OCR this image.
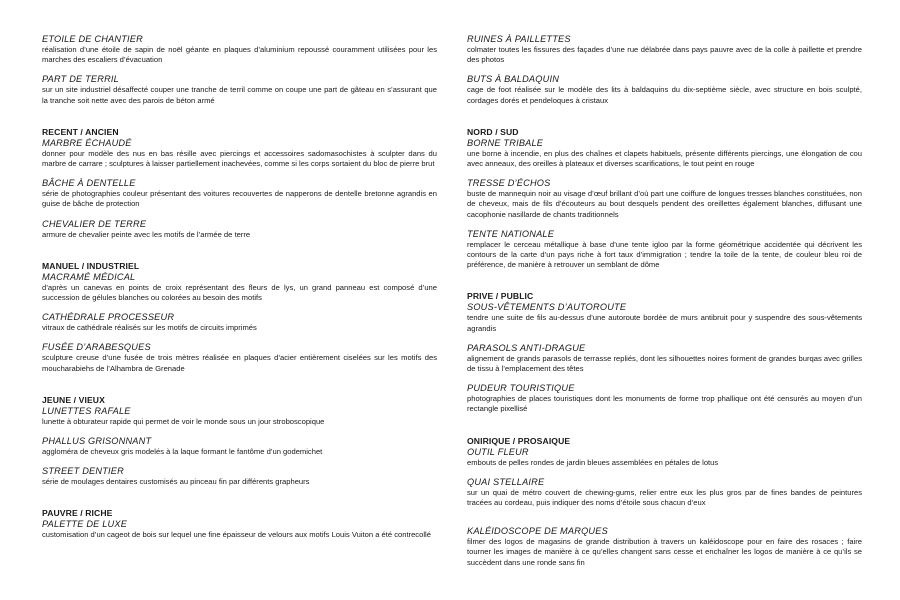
ETOILE DE CHANTIER

réalisation d’une étoile de sapin de noël géante en plaques d’aluminium repoussé couramment utilisées pour les marches des escaliers d’évacuation

PART DE TERRIL

sur un site industriel désaffecté couper une tranche de terril comme on coupe une part de gâteau en s’assurant que la tranche soit nette avec des parois de béton armé

RECENT / ANCIEN

MARBRE ÉCHAUDÉ

donner pour modèle des nus en bas résille avec piercings et accessoires sadomasochistes à sculpter dans du marbre de carrare ; sculptures à laisser partiellement inachevées, comme si les corps sortaient du bloc de pierre brut

BÂCHE À DENTELLE

série de photographies couleur présentant des voitures recouvertes de napperons de dentelle bretonne agrandis en guise de bâche de protection

CHEVALIER DE TERRE

armure de chevalier peinte avec les motifs de l’armée de terre

MANUEL / INDUSTRIEL

MACRAMÉ MÉDICAL

d’après un canevas en points de croix représentant des fleurs de lys, un grand panneau est composé d’une succession de gélules blanches ou colorées au besoin des motifs

CATHÉDRALE PROCESSEUR

vitraux de cathédrale réalisés sur les motifs de circuits imprimés

FUSÉE D’ARABESQUES

sculpture creuse d’une fusée de trois mètres réalisée en plaques d’acier entièrement ciselées sur les motifs des moucharabiehs de l’Alhambra de Grenade

JEUNE / VIEUX

LUNETTES RAFALE

lunette à obturateur rapide qui permet de voir le monde sous un jour stroboscopique

PHALLUS GRISONNANT

aggloméra de cheveux gris modelés à la laque formant le fantôme d’un godemichet

STREET DENTIER

série de moulages dentaires customisés au pinceau fin par différents grapheurs

PAUVRE / RICHE

PALETTE DE LUXE

customisation d’un cageot de bois sur lequel une fine épaisseur de velours aux motifs Louis Vuiton a été contrecollé

RUINES À PAILLETTES

colmater toutes les fissures des façades d’une rue délabrée dans pays pauvre avec de la colle à paillette et prendre des photos

BUTS À BALDAQUIN

cage de foot réalisée sur le modèle des lits à baldaquins du dix-septième siècle, avec structure en bois sculpté, cordages dorés et pendeloques à cristaux

NORD / SUD

BORNE TRIBALE

une borne à incendie, en plus des chaînes et clapets habituels, présente différents piercings, une élongation de cou avec anneaux, des oreilles à plateaux et diverses scarifications, le tout peint en rouge

TRESSE D’ÉCHOS

buste de mannequin noir au visage d’œuf brillant d’où part une coiffure de longues tresses blanches constituées, non de cheveux, mais de fils d’écouteurs au bout desquels pendent des oreillettes également blanches, diffusant une cacophonie nasillarde de chants traditionnels

TENTE NATIONALE

remplacer le cerceau métallique à base d’une tente igloo par la forme géométrique accidentée qui décrivent les contours de la carte d’un pays riche à fort taux d’immigration ; tendre la toile de la tente, de couleur bleu roi de préférence, de manière à retrouver un semblant de dôme

PRIVE / PUBLIC

SOUS-VÊTEMENTS D’AUTOROUTE

tendre une suite de fils au-dessus d’une autoroute bordée de murs antibruit pour y suspendre des sous-vêtements agrandis

PARASOLS ANTI-DRAGUE

alignement de grands parasols de terrasse repliés, dont les silhouettes noires forment de grandes burqas avec grilles de tissu à l’emplacement des têtes

PUDEUR TOURISTIQUE

photographies de places touristiques dont les monuments de forme trop phallique ont été censurés au moyen d’un rectangle pixellisé

ONIRIQUE / PROSAIQUE

OUTIL FLEUR

embouts de pelles rondes de jardin bleues assemblées en pétales de lotus

QUAI STELLAIRE

sur un quai de métro couvert de chewing-gums, relier entre eux les plus gros par de fines bandes de peintures tracées au cordeau, puis indiquer des noms d’étoile sous chacun d’eux

KALÉIDOSCOPE DE MARQUES

filmer des logos de magasins de grande distribution à travers un kaléidoscope pour en faire des rosaces ; faire tourner les images de manière à ce qu’elles changent sans cesse et enchaîner les logos de manière à ce qu’ils se succèdent dans une ronde sans fin
